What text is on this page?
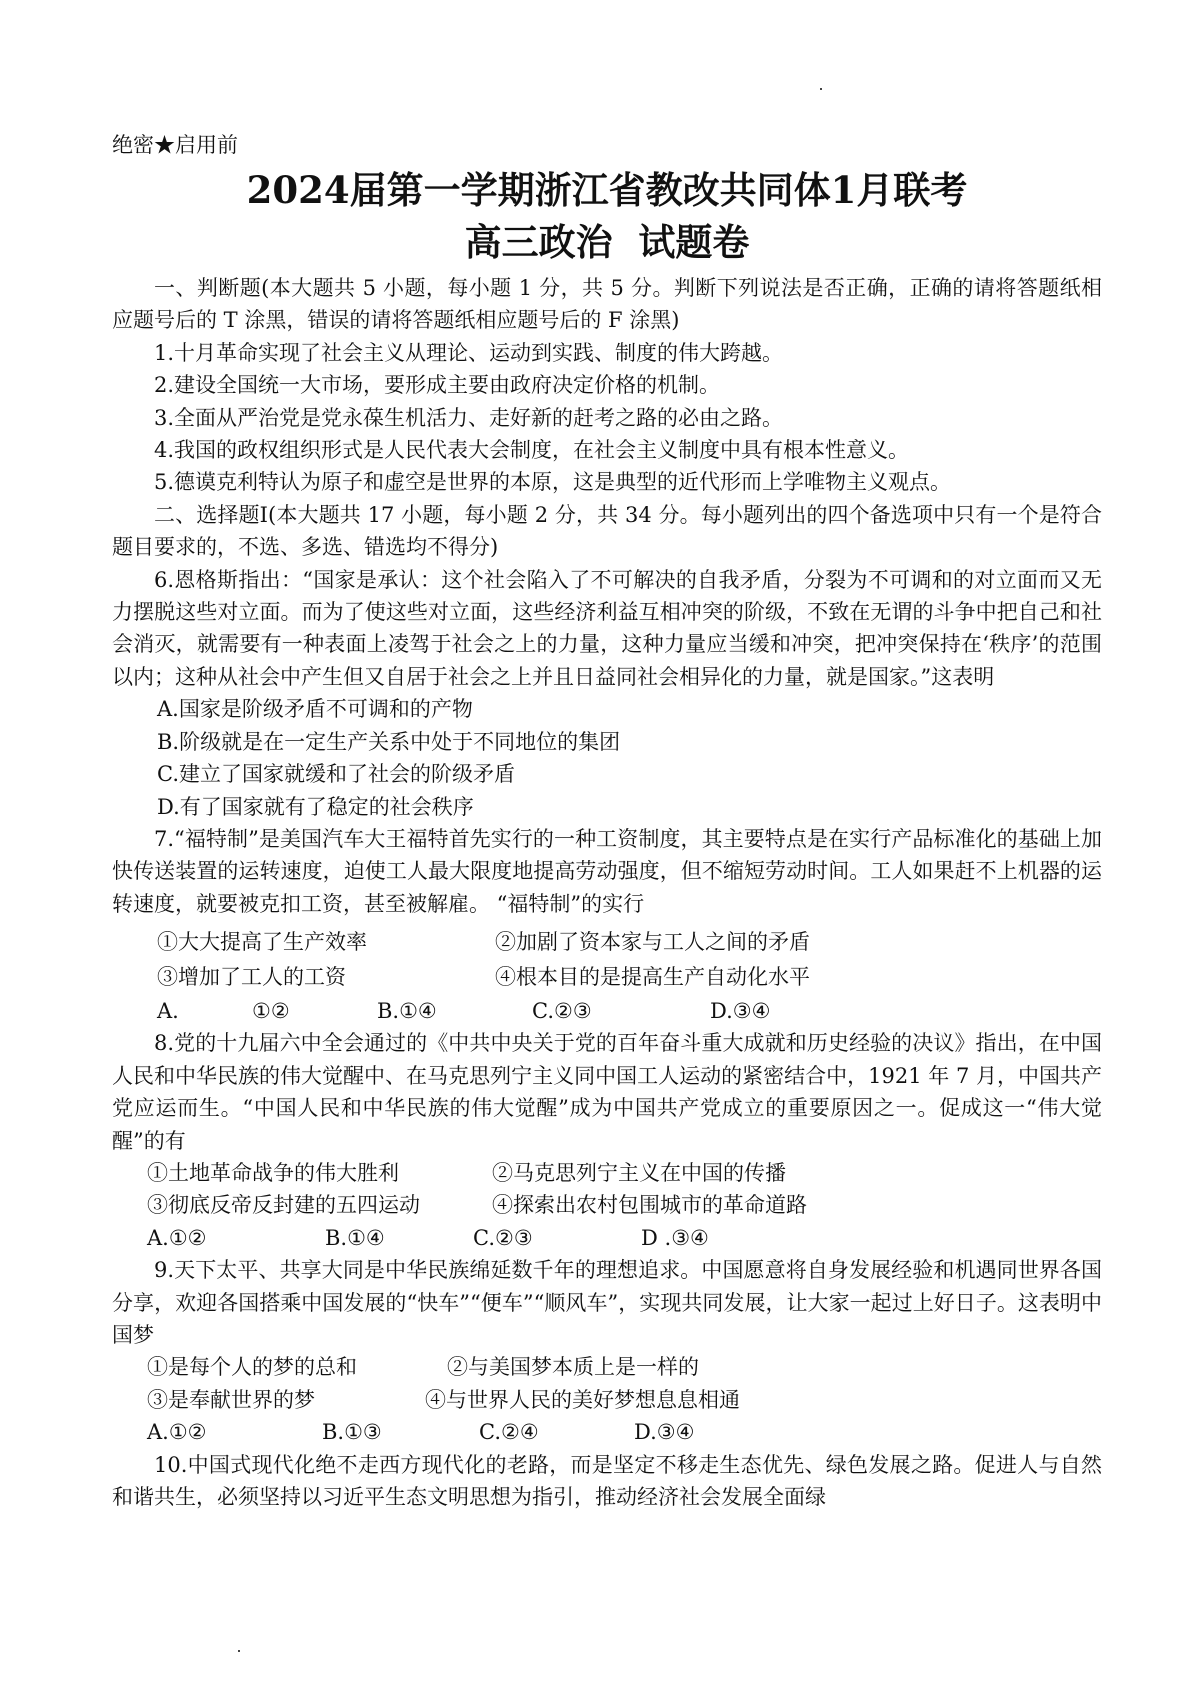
绝密★启用前

2024届第一学期浙江省教改共同体1月联考
高三政治  试题卷

一、判断题(本大题共 5 小题，每小题 1 分，共 5 分。判断下列说法是否正确，正确的请将答题纸相应题号后的 T 涂黑，错误的请将答题纸相应题号后的 F 涂黑)

1.十月革命实现了社会主义从理论、运动到实践、制度的伟大跨越。

2.建设全国统一大市场，要形成主要由政府决定价格的机制。

3.全面从严治党是党永葆生机活力、走好新的赶考之路的必由之路。

4.我国的政权组织形式是人民代表大会制度，在社会主义制度中具有根本性意义。

5.德谟克利特认为原子和虚空是世界的本原，这是典型的近代形而上学唯物主义观点。

二、选择题Ⅰ(本大题共 17 小题，每小题 2 分，共 34 分。每小题列出的四个备选项中只有一个是符合题目要求的，不选、多选、错选均不得分)

6.恩格斯指出：“国家是承认：这个社会陷入了不可解决的自我矛盾，分裂为不可调和的对立面而又无力摆脱这些对立面。而为了使这些对立面，这些经济利益互相冲突的阶级，不致在无谓的斗争中把自己和社会消灭，就需要有一种表面上凌驾于社会之上的力量，这种力量应当缓和冲突，把冲突保持在‘秩序’的范围以内；这种从社会中产生但又自居于社会之上并且日益同社会相异化的力量，就是国家。”这表明

A.国家是阶级矛盾不可调和的产物

B.阶级就是在一定生产关系中处于不同地位的集团

C.建立了国家就缓和了社会的阶级矛盾

D.有了国家就有了稳定的社会秩序

7.“福特制”是美国汽车大王福特首先实行的一种工资制度，其主要特点是在实行产品标准化的基础上加快传送装置的运转速度，迫使工人最大限度地提高劳动强度，但不缩短劳动时间。工人如果赶不上机器的运转速度，就要被克扣工资，甚至被解雇。 “福特制”的实行

①大大提高了生产效率	②加剧了资本家与工人之间的矛盾
③增加了工人的工资	④根本目的是提高生产自动化水平
A.	①②	B.①④	C.②③	D.③④

8.党的十九届六中全会通过的《中共中央关于党的百年奋斗重大成就和历史经验的决议》指出，在中国人民和中华民族的伟大觉醒中、在马克思列宁主义同中国工人运动的紧密结合中，1921 年 7 月，中国共产党应运而生。“中国人民和中华民族的伟大觉醒”成为中国共产党成立的重要原因之一。促成这一“伟大觉醒”的有

①土地革命战争的伟大胜利	②马克思列宁主义在中国的传播
③彻底反帝反封建的五四运动	④探索出农村包围城市的革命道路
A.①②	B.①④	C.②③	D .③④

9.天下太平、共享大同是中华民族绵延数千年的理想追求。中国愿意将自身发展经验和机遇同世界各国分享，欢迎各国搭乘中国发展的“快车”“便车”“顺风车”，实现共同发展，让大家一起过上好日子。这表明中国梦

①是每个人的梦的总和	②与美国梦本质上是一样的
③是奉献世界的梦	④与世界人民的美好梦想息息相通
A.①②	B.①③	C.②④	D.③④

10.中国式现代化绝不走西方现代化的老路，而是坚定不移走生态优先、绿色发展之路。促进人与自然和谐共生，必须坚持以习近平生态文明思想为指引，推动经济社会发展全面绿
